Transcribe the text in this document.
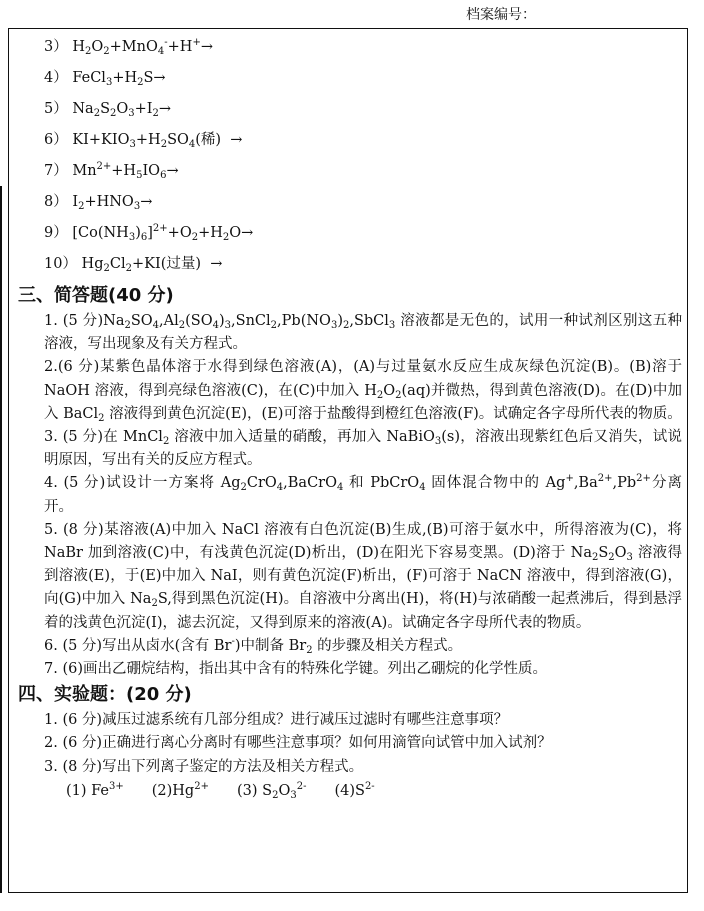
档案编号：
3） $H_2O_2+MnO_4^-+H^+\to$
4） $FeCl_3+H_2S\to$
5） $Na_2S_2O_3+I_2\to$
6） $KI+KIO_3+H_2SO_4$(稀)  →
7） $Mn^{2+}+H_5IO_6\to$
8） $I_2+HNO_3\to$
9） $[Co(NH_3)_6]^{2+}+O_2+H_2O\to$
10） $Hg_2Cl_2+KI$(过量)  →
三、简答题(40 分)
1. (5 分)$Na_2SO_4,Al_2(SO_4)_3,SnCl_2,Pb(NO_3)_2,SbCl_3$ 溶液都是无色的，试用一种试剂区别这五种溶液，写出现象及有关方程式。
2.(6 分)某紫色晶体溶于水得到绿色溶液(A)，(A)与过量氨水反应生成灰绿色沉淀(B)。(B)溶于 NaOH 溶液，得到亮绿色溶液(C)，在(C)中加入 $H_2O_2(aq)$并微热，得到黄色溶液(D)。在(D)中加入 BaCl$_2$ 溶液得到黄色沉淀(E)，(E)可溶于盐酸得到橙红色溶液(F)。试确定各字母所代表的物质。
3. (5 分)在 MnCl$_2$ 溶液中加入适量的硝酸，再加入 NaBiO$_3$(s)，溶液出现紫红色后又消失，试说明原因，写出有关的反应方程式。
4. (5 分)试设计一方案将 $Ag_2CrO_4,BaCrO_4$ 和 PbCrO$_4$ 固体混合物中的 $Ag^+,Ba^{2+},Pb^{2+}$分离开。
5. (8 分)某溶液(A)中加入 NaCl 溶液有白色沉淀(B)生成,(B)可溶于氨水中，所得溶液为(C)，将 NaBr 加到溶液(C)中，有浅黄色沉淀(D)析出，(D)在阳光下容易变黑。(D)溶于 $Na_2S_2O_3$ 溶液得到溶液(E)，于(E)中加入 NaI，则有黄色沉淀(F)析出，(F)可溶于 NaCN 溶液中，得到溶液(G)，向(G)中加入 $Na_2S$,得到黑色沉淀(H)。自溶液中分离出(H)，将(H)与浓硝酸一起煮沸后，得到悬浮着的浅黄色沉淀(I)，滤去沉淀，又得到原来的溶液(A)。试确定各字母所代表的物质。
6. (5 分)写出从卤水(含有 Br-)中制备 $Br_2$ 的步骤及相关方程式。
7. (6)画出乙硼烷结构，指出其中含有的特殊化学键。列出乙硼烷的化学性质。
四、实验题：(20 分)
1. (6 分)减压过滤系统有几部分组成？进行减压过滤时有哪些注意事项？
2. (6 分)正确进行离心分离时有哪些注意事项？如何用滴管向试管中加入试剂？
3. (8 分)写出下列离子鉴定的方法及相关方程式。
(1) $Fe^{3+}$ $(2)Hg^{2+}$ (3) $S_2O_3^{2-}$ $(4)S^{2-}$
